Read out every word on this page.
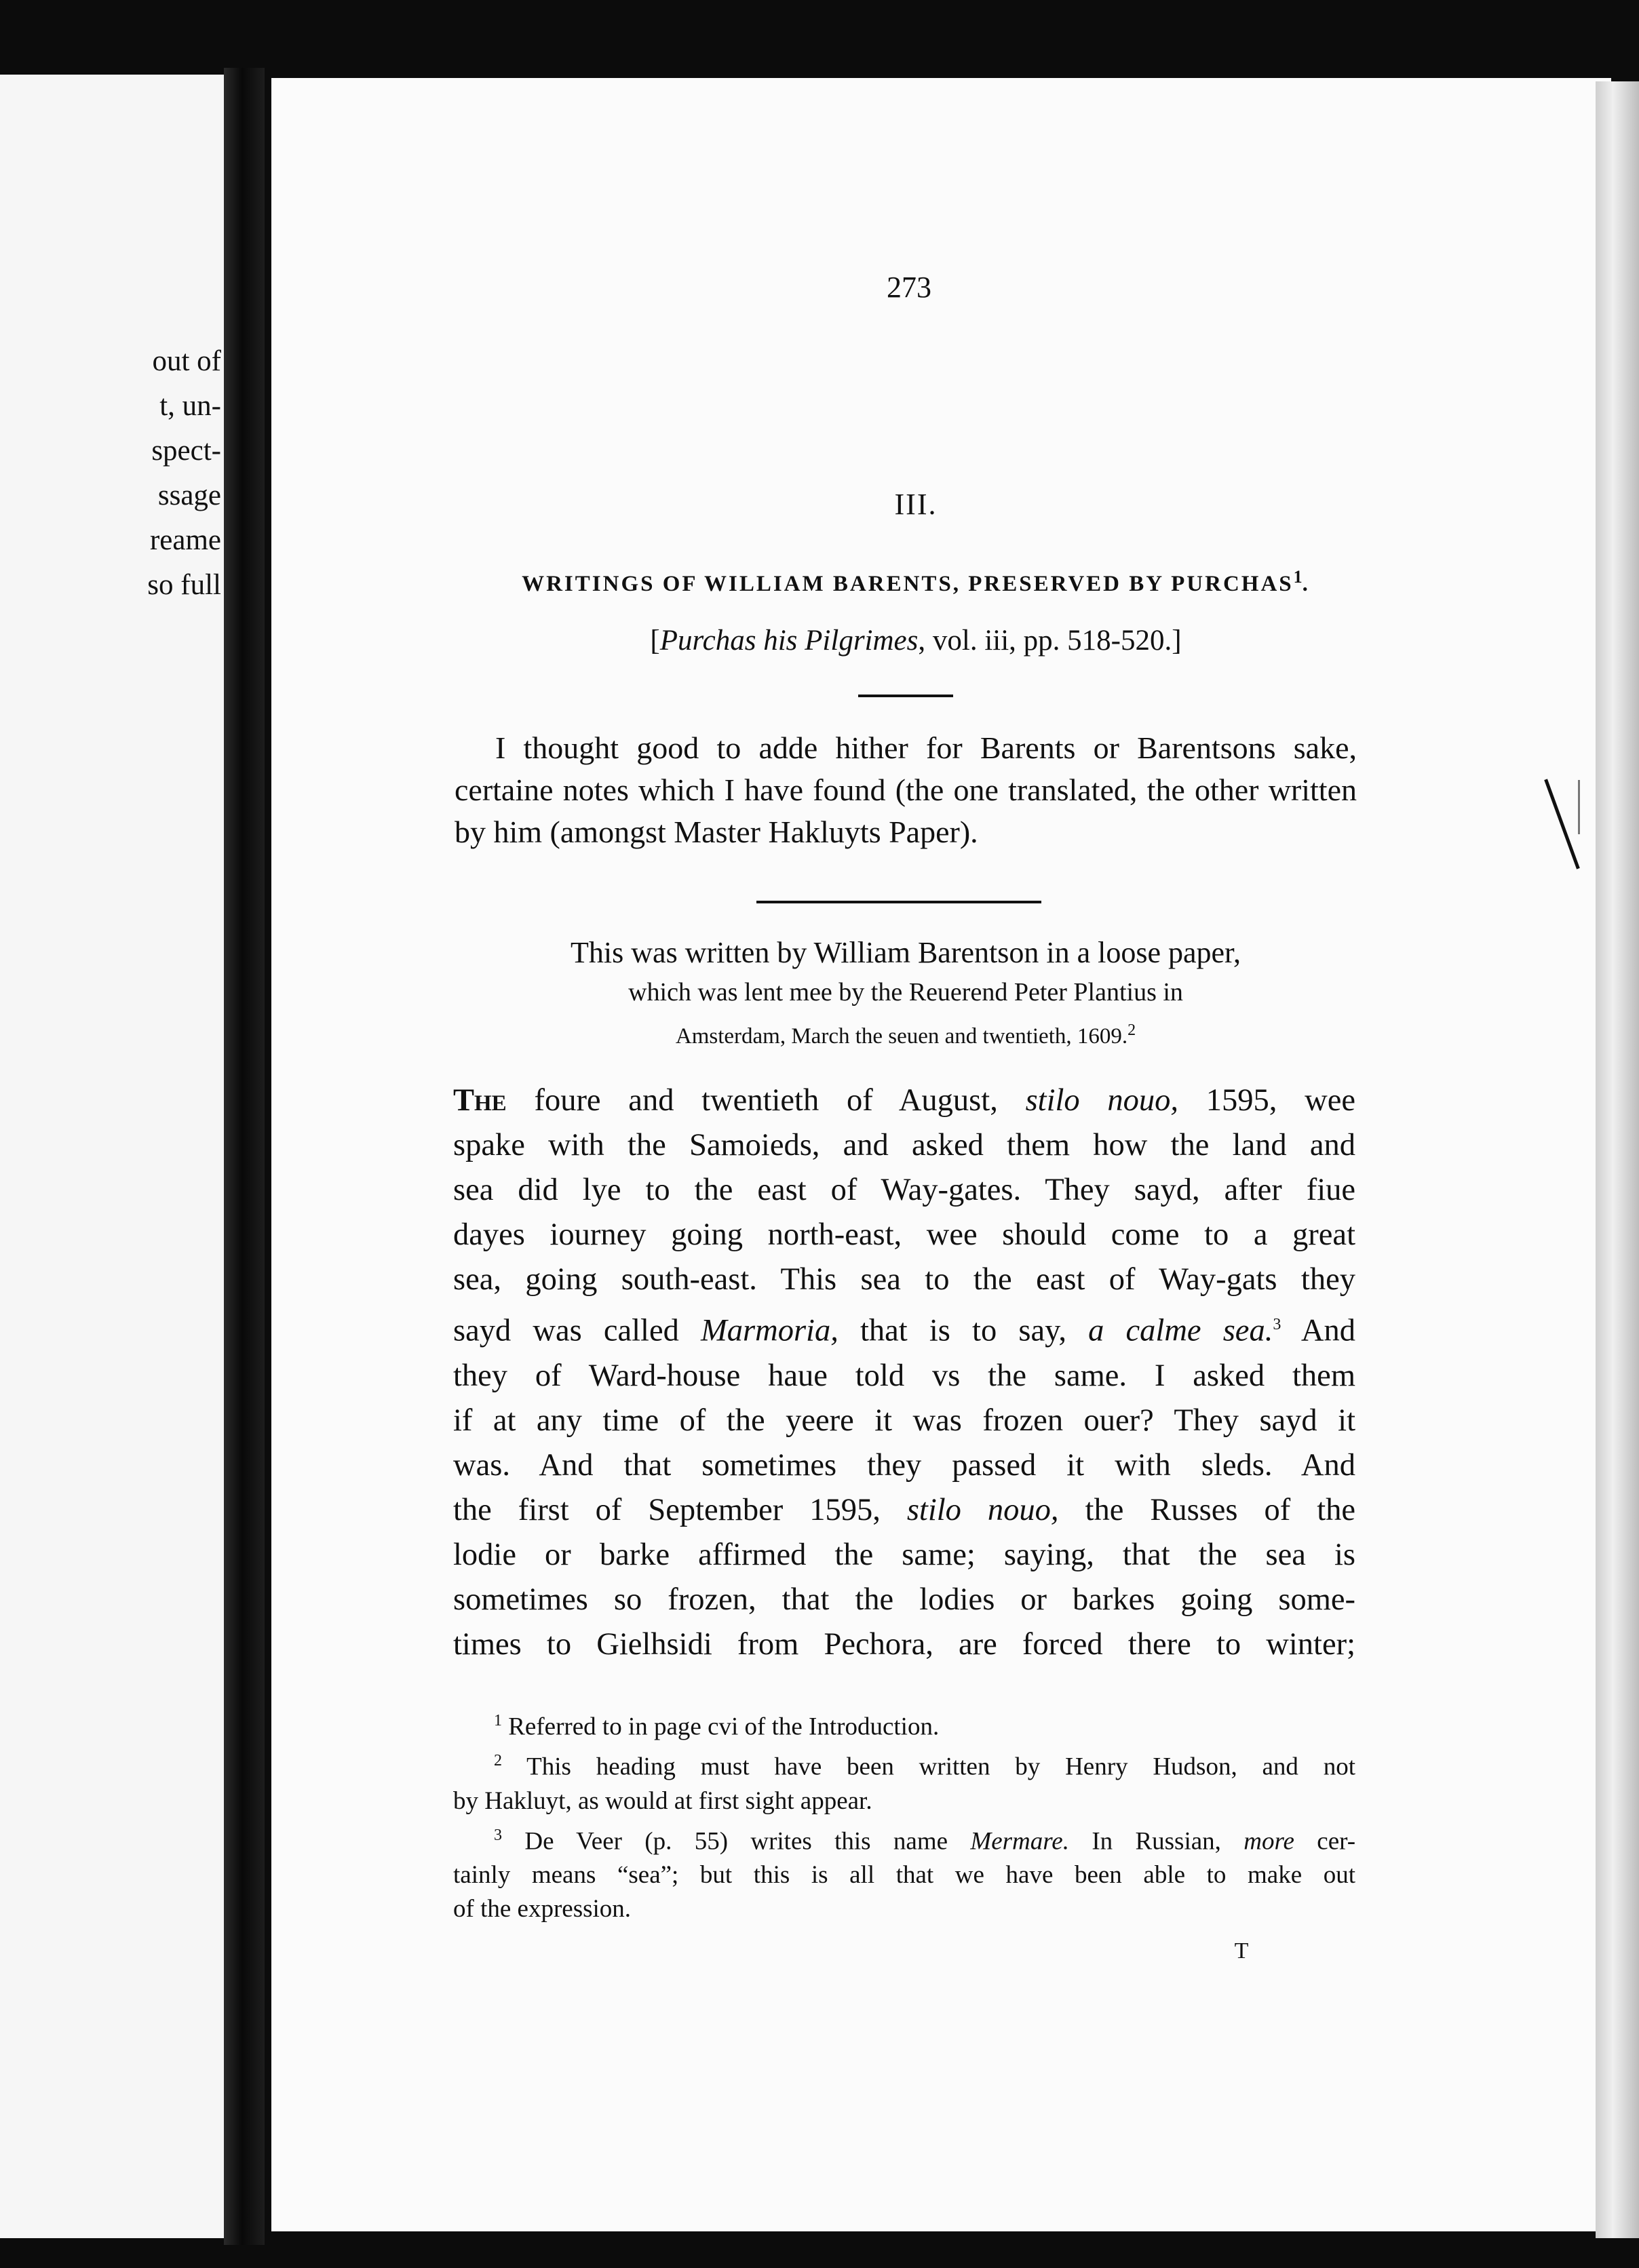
out of
t, un-
spect-
ssage
reame
so full
273
III.
WRITINGS OF WILLIAM BARENTS, PRESERVED BY PURCHAS$^1$.
[Purchas his Pilgrimes, vol. iii, pp. 518-520.]
I thought good to adde hither for Barents or Barentsons sake, certaine notes which I have found (the one translated, the other written by him (amongst Master Hakluyts Paper).
This was written by William Barentson in a loose paper,
which was lent mee by the Reuerend Peter Plantius in
Amsterdam, March the seuen and twentieth, 1609.$^2$
The foure and twentieth of August, stilo nouo, 1595, wee
spake with the Samoieds, and asked them how the land and
sea did lye to the east of Way-gates. They sayd, after fiue
dayes iourney going north-east, wee should come to a great
sea, going south-east. This sea to the east of Way-gats they
sayd was called Marmoria, that is to say, a calme sea.$^3$ And
they of Ward-house haue told vs the same. I asked them
if at any time of the yeere it was frozen ouer? They sayd it
was. And that sometimes they passed it with sleds. And
the first of September 1595, stilo nouo, the Russes of the
lodie or barke affirmed the same; saying, that the sea is
sometimes so frozen, that the lodies or barkes going some-
times to Gielhsidi from Pechora, are forced there to winter;
$^1$ Referred to in page cvi of the Introduction.
$^2$ This heading must have been written by Henry Hudson, and not
by Hakluyt, as would at first sight appear.
$^3$ De Veer (p. 55) writes this name Mermare. In Russian, more cer-
tainly means “sea”; but this is all that we have been able to make out
of the expression.
T
